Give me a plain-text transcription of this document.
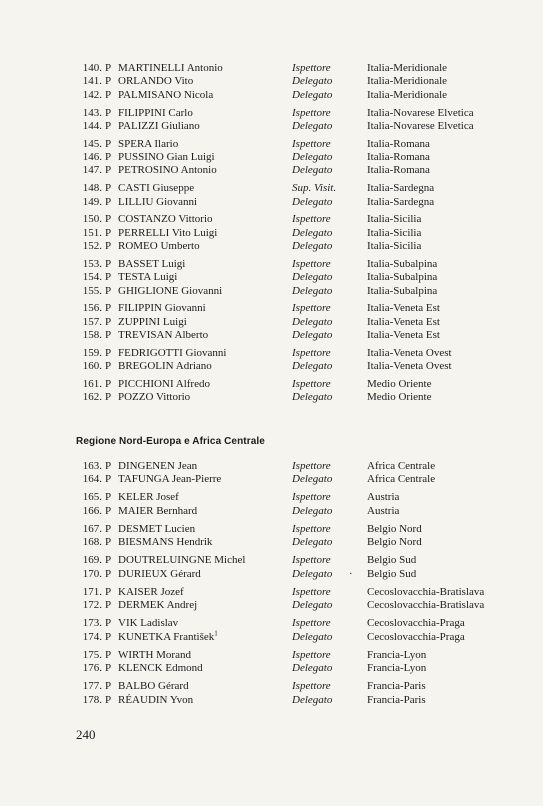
140. P MARTINELLI Antonio	Ispettore	Italia-Meridionale
141. P ORLANDO Vito	Delegato	Italia-Meridionale
142. P PALMISANO Nicola	Delegato	Italia-Meridionale
143. P FILIPPINI Carlo	Ispettore	Italia-Novarese Elvetica
144. P PALIZZI Giuliano	Delegato	Italia-Novarese Elvetica
145. P SPERA Ilario	Ispettore	Italia-Romana
146. P PUSSINO Gian Luigi	Delegato	Italia-Romana
147. P PETROSINO Antonio	Delegato	Italia-Romana
148. P CASTI Giuseppe	Sup. Visit.	Italia-Sardegna
149. P LILLIU Giovanni	Delegato	Italia-Sardegna
150. P COSTANZO Vittorio	Ispettore	Italia-Sicilia
151. P PERRELLI Vito Luigi	Delegato	Italia-Sicilia
152. P ROMEO Umberto	Delegato	Italia-Sicilia
153. P BASSET Luigi	Ispettore	Italia-Subalpina
154. P TESTA Luigi	Delegato	Italia-Subalpina
155. P GHIGLIONE Giovanni	Delegato	Italia-Subalpina
156. P FILIPPIN Giovanni	Ispettore	Italia-Veneta Est
157. P ZUPPINI Luigi	Delegato	Italia-Veneta Est
158. P TREVISAN Alberto	Delegato	Italia-Veneta Est
159. P FEDRIGOTTI Giovanni	Ispettore	Italia-Veneta Ovest
160. P BREGOLIN Adriano	Delegato	Italia-Veneta Ovest
161. P PICCHIONI Alfredo	Ispettore	Medio Oriente
162. P POZZO Vittorio	Delegato	Medio Oriente
Regione Nord-Europa e Africa Centrale
163. P DINGENEN Jean	Ispettore	Africa Centrale
164. P TAFUNGA Jean-Pierre	Delegato	Africa Centrale
165. P KELER Josef	Ispettore	Austria
166. P MAIER Bernhard	Delegato	Austria
167. P DESMET Lucien	Ispettore	Belgio Nord
168. P BIESMANS Hendrik	Delegato	Belgio Nord
169. P DOUTRELUINGNE Michel	Ispettore	Belgio Sud
170. P DURIEUX Gérard	Delegato · Belgio Sud
171. P KAISER Jozef	Ispettore	Cecoslovacchia-Bratislava
172. P DERMEK Andrej	Delegato	Cecoslovacchia-Bratislava
173. P VIK Ladislav	Ispettore	Cecoslovacchia-Praga
174. P KUNETKA František$^1$	Delegato	Cecoslovacchia-Praga
175. P WIRTH Morand	Ispettore	Francia-Lyon
176. P KLENCK Edmond	Delegato	Francia-Lyon
177. P BALBO Gérard	Ispettore	Francia-Paris
178. P RÉAUDIN Yvon	Delegato	Francia-Paris
240
